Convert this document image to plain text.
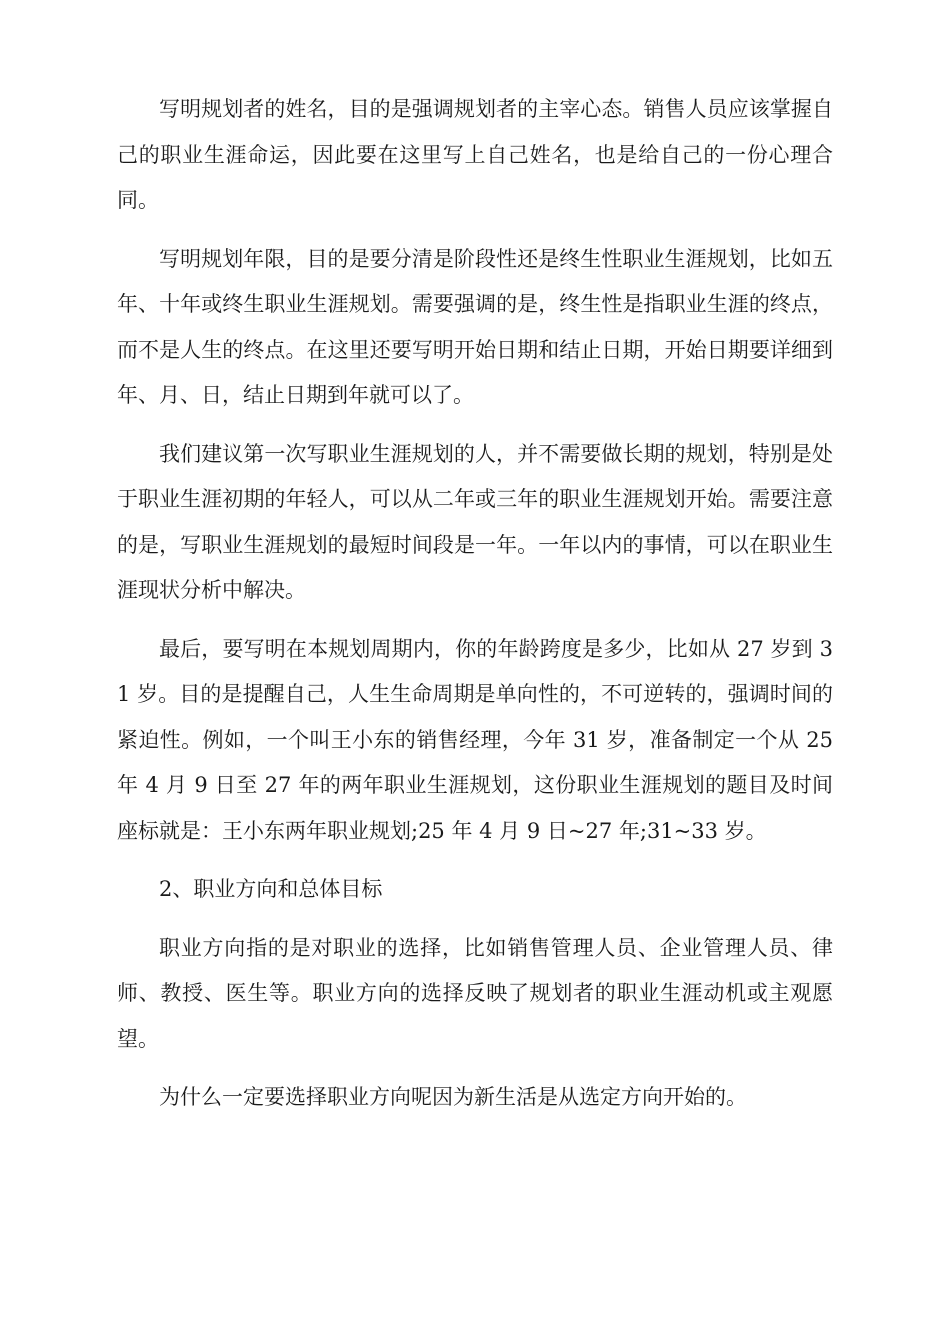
写明规划者的姓名，目的是强调规划者的主宰心态。销售人员应该掌握自己的职业生涯命运，因此要在这里写上自己姓名，也是给自己的一份心理合同。

写明规划年限，目的是要分清是阶段性还是终生性职业生涯规划，比如五年、十年或终生职业生涯规划。需要强调的是，终生性是指职业生涯的终点，而不是人生的终点。在这里还要写明开始日期和结止日期，开始日期要详细到年、月、日，结止日期到年就可以了。

我们建议第一次写职业生涯规划的人，并不需要做长期的规划，特别是处于职业生涯初期的年轻人，可以从二年或三年的职业生涯规划开始。需要注意的是，写职业生涯规划的最短时间段是一年。一年以内的事情，可以在职业生涯现状分析中解决。

最后，要写明在本规划周期内，你的年龄跨度是多少，比如从 27 岁到 31 岁。目的是提醒自己，人生生命周期是单向性的，不可逆转的，强调时间的紧迫性。例如，一个叫王小东的销售经理，今年 31 岁，准备制定一个从 25 年 4 月 9 日至 27 年的两年职业生涯规划，这份职业生涯规划的题目及时间座标就是：王小东两年职业规划;25 年 4 月 9 日~27 年;31~33 岁。

2、职业方向和总体目标

职业方向指的是对职业的选择，比如销售管理人员、企业管理人员、律师、教授、医生等。职业方向的选择反映了规划者的职业生涯动机或主观愿望。

为什么一定要选择职业方向呢因为新生活是从选定方向开始的。
